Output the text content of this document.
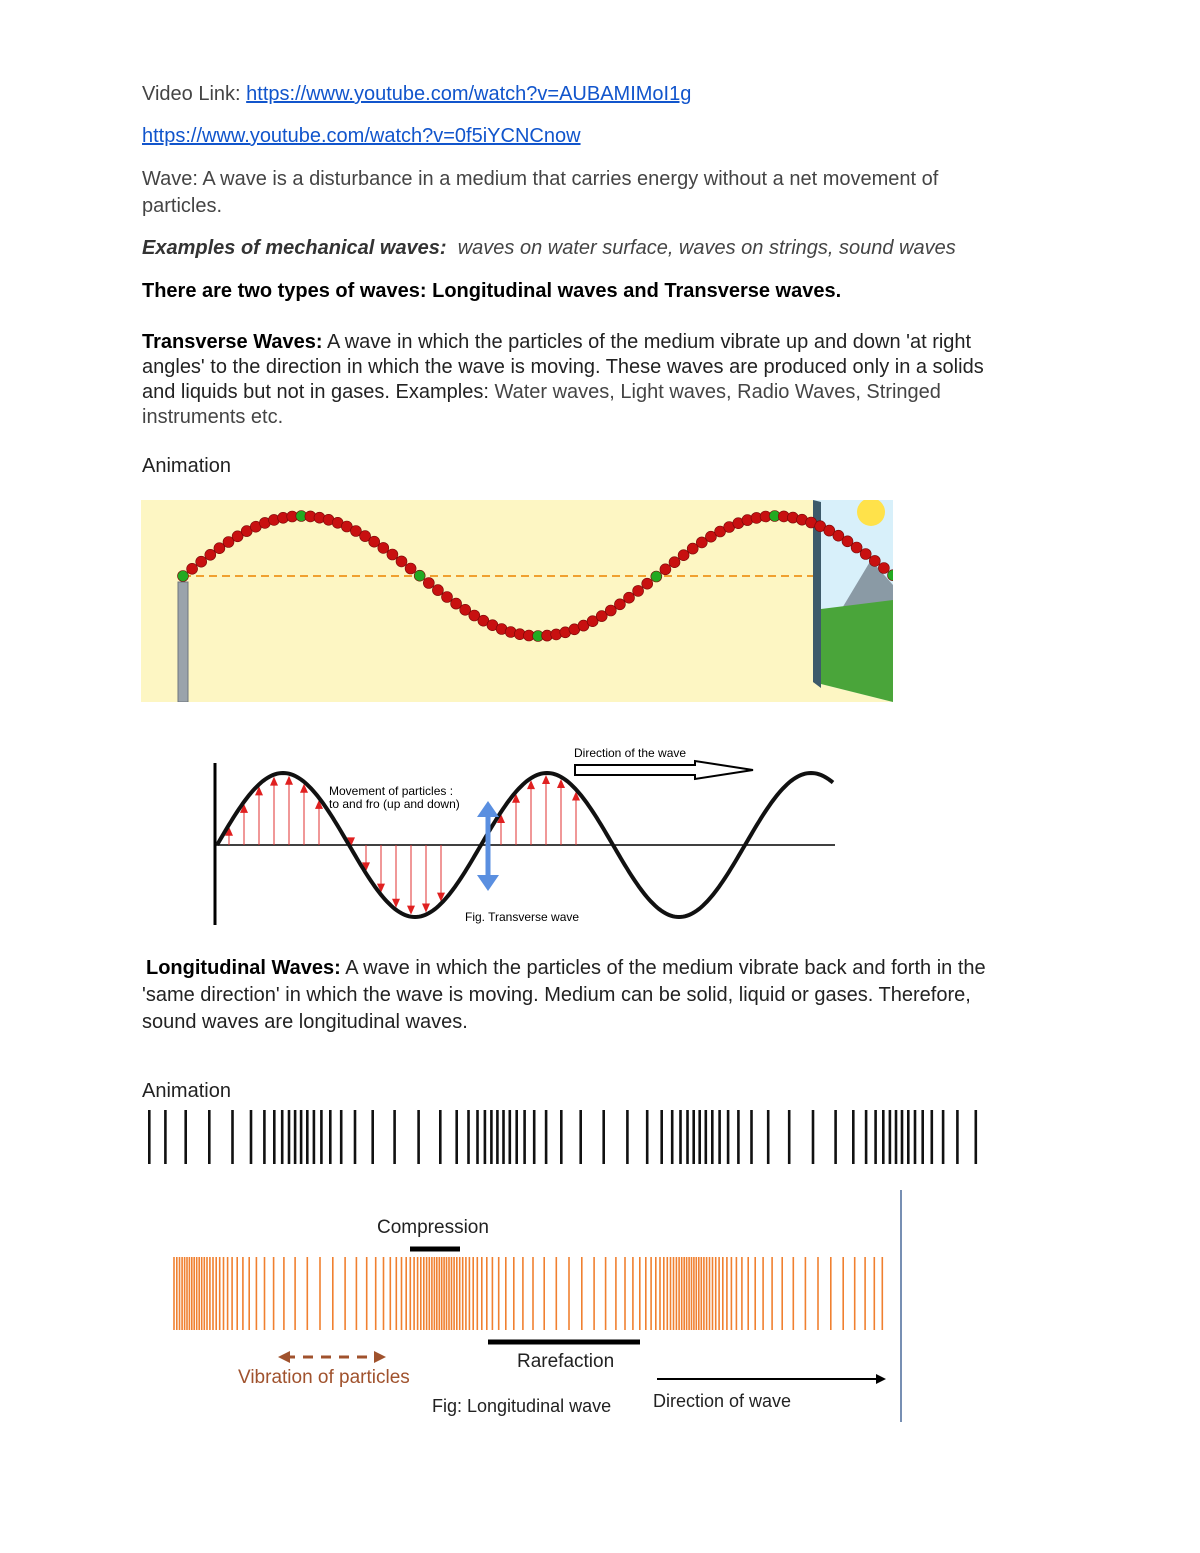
Video Link: https://www.youtube.com/watch?v=AUBAMIMoI1g
https://www.youtube.com/watch?v=0f5iYCNCnow
Wave: A wave is a disturbance in a medium that carries energy without a net movement of
particles.
Examples of mechanical waves: waves on water surface, waves on strings, sound waves
There are two types of waves: Longitudinal waves and Transverse waves.
Transverse Waves: A wave in which the particles of the medium vibrate up and down 'at right
angles' to the direction in which the wave is moving. These waves are produced only in a solids
and liquids but not in gases. Examples: Water waves, Light waves, Radio Waves, Stringed
instruments etc.
Animation
Direction of the wave
Movement of particles :
to and fro (up and down)
Fig. Transverse wave
Longitudinal Waves: A wave in which the particles of the medium vibrate back and forth in the
'same direction' in which the wave is moving. Medium can be solid, liquid or gases. Therefore,
sound waves are longitudinal waves.
Animation
Compression
Rarefaction
Vibration of particles
Fig: Longitudinal wave Direction of wave
